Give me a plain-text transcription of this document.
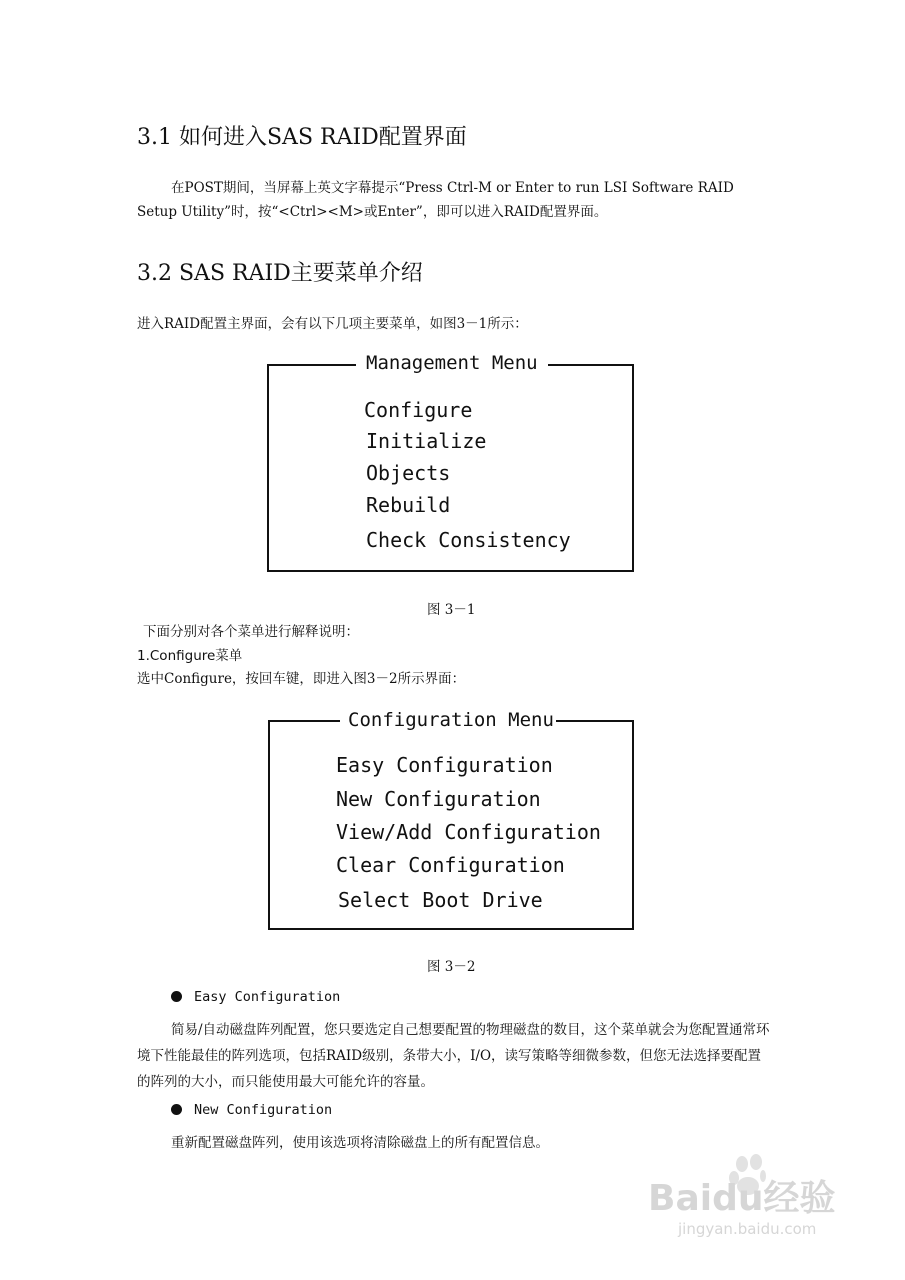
3.1 如何进入SAS RAID配置界面
在POST期间，当屏幕上英文字幕提示“Press Ctrl-M or Enter to run LSI Software RAID Setup Utility”时，按“<Ctrl><M>或Enter”，即可以进入RAID配置界面。
3.2 SAS RAID主要菜单介绍
进入RAID配置主界面，会有以下几项主要菜单，如图3－1所示：
Management Menu
Configure
Initialize
Objects
Rebuild
Check Consistency
图 3－1
下面分别对各个菜单进行解释说明：
1.Configure菜单
选中Configure，按回车键，即进入图3－2所示界面：
Configuration Menu
Easy Configuration
New Configuration
View/Add Configuration
Clear Configuration
Select Boot Drive
图 3－2
Easy Configuration
简易/自动磁盘阵列配置，您只要选定自己想要配置的物理磁盘的数目，这个菜单就会为您配置通常环境下性能最佳的阵列选项，包括RAID级别，条带大小，I/O，读写策略等细微参数，但您无法选择要配置的阵列的大小，而只能使用最大可能允许的容量。
New Configuration
重新配置磁盘阵列，使用该选项将清除磁盘上的所有配置信息。
Baidu经验
jingyan.baidu.com
